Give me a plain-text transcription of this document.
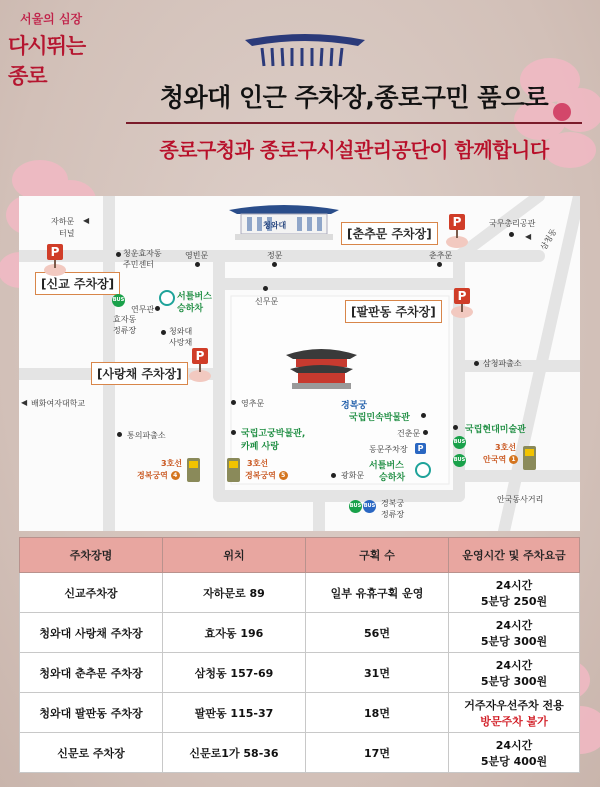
서울의 심장
다시뛰는 종로
청와대 인근 주차장,종로구민 품으로
종로구청과 종로구시설관리공단이 함께합니다
청와대
[신교 주차장]
[사랑채 주차장]
[춘추문 주차장]
[팔판동 주차장]
P
P
P
P
자하문
터널
◀
청운효자동
주민센터
영빈문	정문	춘추문
국무총리공관
삼청동
◀
BUS
연무관
효자동
정류장
서틀버스
승하차
신무문
청와대
사랑채
삼청파출소
배화여자대학교
◀	영추문	경복궁
국립민속박물관
국립현대미술관
통의파출소	국립고궁박물관,
카페 사랑
건춘문
동문주차장	P
서틀버스
승하차
BUS
BUS
광화문
안국동사거리
BUS BUS 경복궁
정류장
3호선
경복궁역 4
3호선
경복궁역 5
3호선
안국역 1
주차장명	위치	구획 수	운영시간 및 주차요금
신교주차장	자하문로 89	일부 유휴구획 운영	24시간
5분당 250원

청와대 사랑채 주차장	효자동 196	56면	24시간
5분당 300원

청와대 춘추문 주차장	삼청동 157-69	31면	24시간
5분당 300원

청와대 팔판동 주차장	팔판동 115-37	18면	거주자우선주차 전용
방문주차 불가

신문로 주차장	신문로1가 58-36	17면	24시간
5분당 400원
